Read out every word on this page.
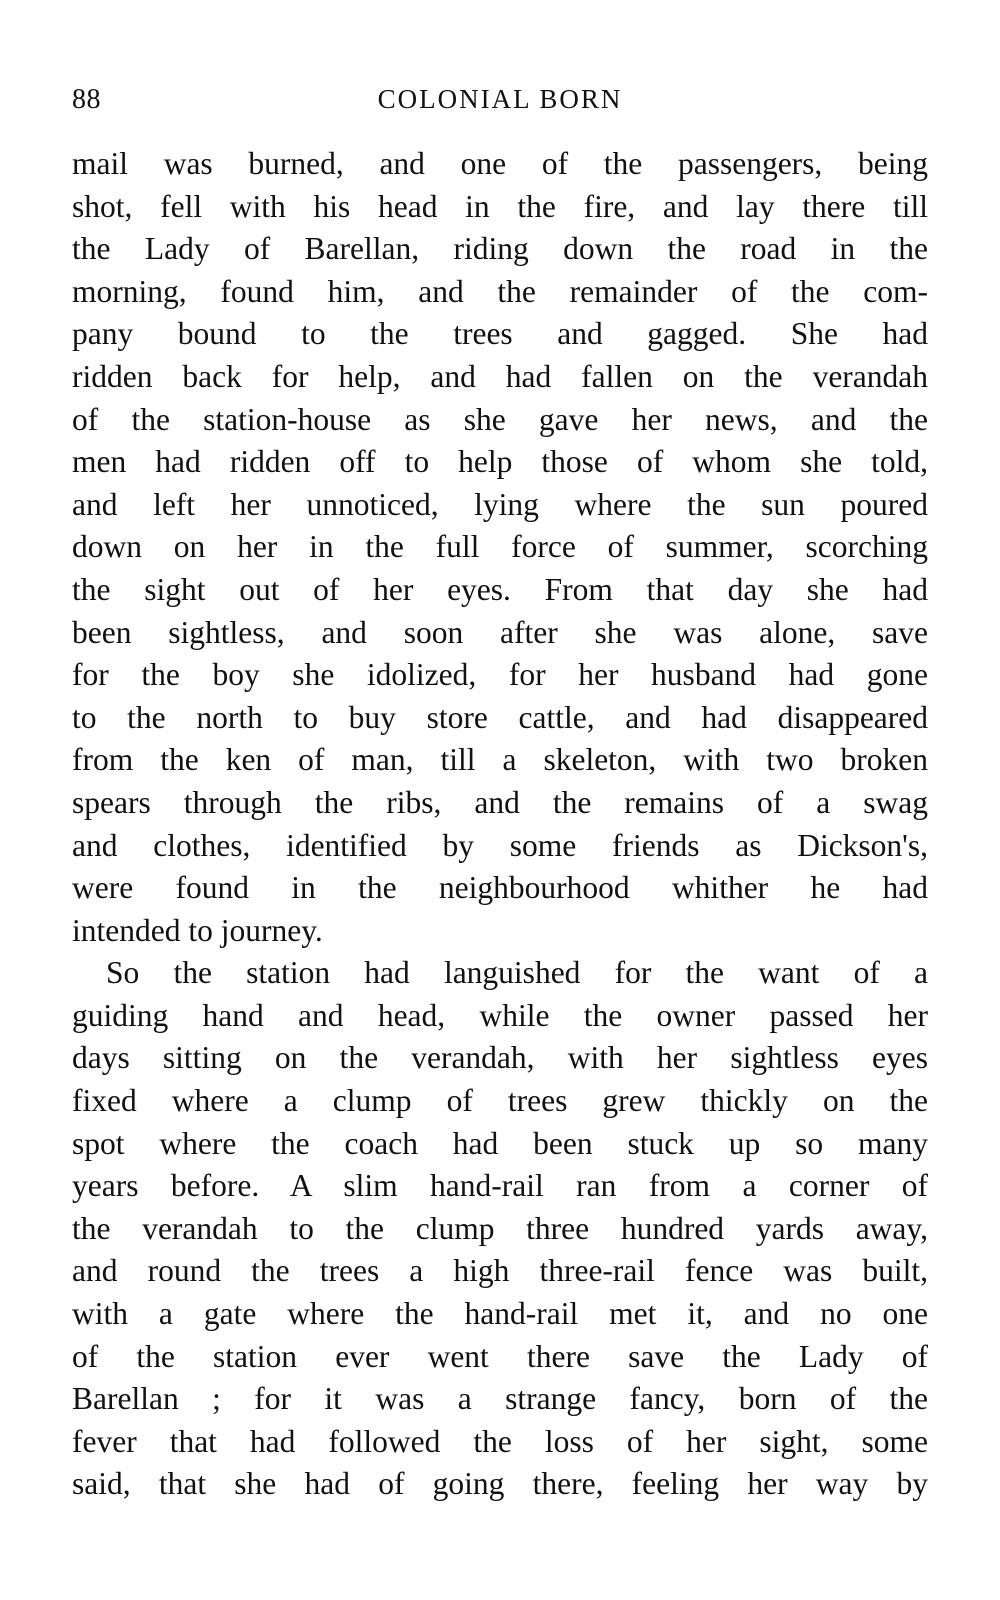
88	COLONIAL BORN
mail was burned, and one of the passengers, being
shot, fell with his head in the fire, and lay there till
the Lady of Barellan, riding down the road in the
morning, found him, and the remainder of the com-
pany bound to the trees and gagged. She had
ridden back for help, and had fallen on the verandah
of the station-house as she gave her news, and the
men had ridden off to help those of whom she told,
and left her unnoticed, lying where the sun poured
down on her in the full force of summer, scorching
the sight out of her eyes. From that day she had
been sightless, and soon after she was alone, save
for the boy she idolized, for her husband had gone
to the north to buy store cattle, and had disappeared
from the ken of man, till a skeleton, with two broken
spears through the ribs, and the remains of a swag
and clothes, identified by some friends as Dickson's,
were found in the neighbourhood whither he had
intended to journey.
So the station had languished for the want of a
guiding hand and head, while the owner passed her
days sitting on the verandah, with her sightless eyes
fixed where a clump of trees grew thickly on the
spot where the coach had been stuck up so many
years before. A slim hand-rail ran from a corner of
the verandah to the clump three hundred yards away,
and round the trees a high three-rail fence was built,
with a gate where the hand-rail met it, and no one
of the station ever went there save the Lady of
Barellan ; for it was a strange fancy, born of the
fever that had followed the loss of her sight, some
said, that she had of going there, feeling her way by
